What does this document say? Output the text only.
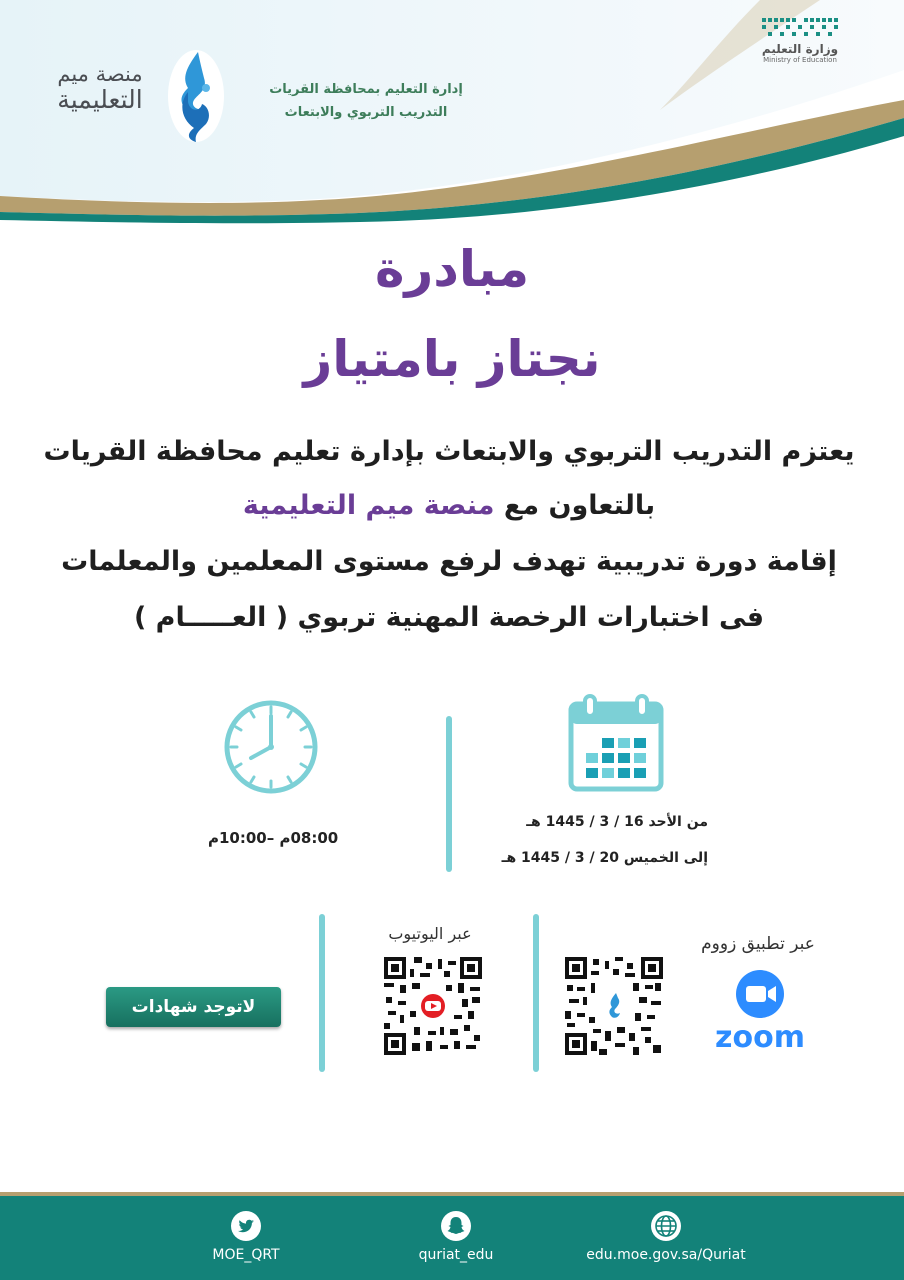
وزارة التعليم
Ministry of Education
إدارة التعليم بمحافظة القريات
التدريب التربوي والابتعاث
منصة ميم
التعليمية
مبادرة
نجتاز بامتياز
يعتزم التدريب التربوي والابتعاث بإدارة تعليم محافظة القريات
بالتعاون مع منصة ميم التعليمية
إقامة دورة تدريبية تهدف لرفع مستوى المعلمين والمعلمات
فى اختبارات الرخصة المهنية تربوي ( العـــــام )
من الأحد 16 / 3 / 1445 هـ
إلى الخميس 20 / 3 / 1445 هـ
08:00م –10:00م
عبر تطبيق زووم
zoom
عبر اليوتيوب
لاتوجد شهادات
edu.moe.gov.sa/Quriat
quriat_edu
MOE_QRT
